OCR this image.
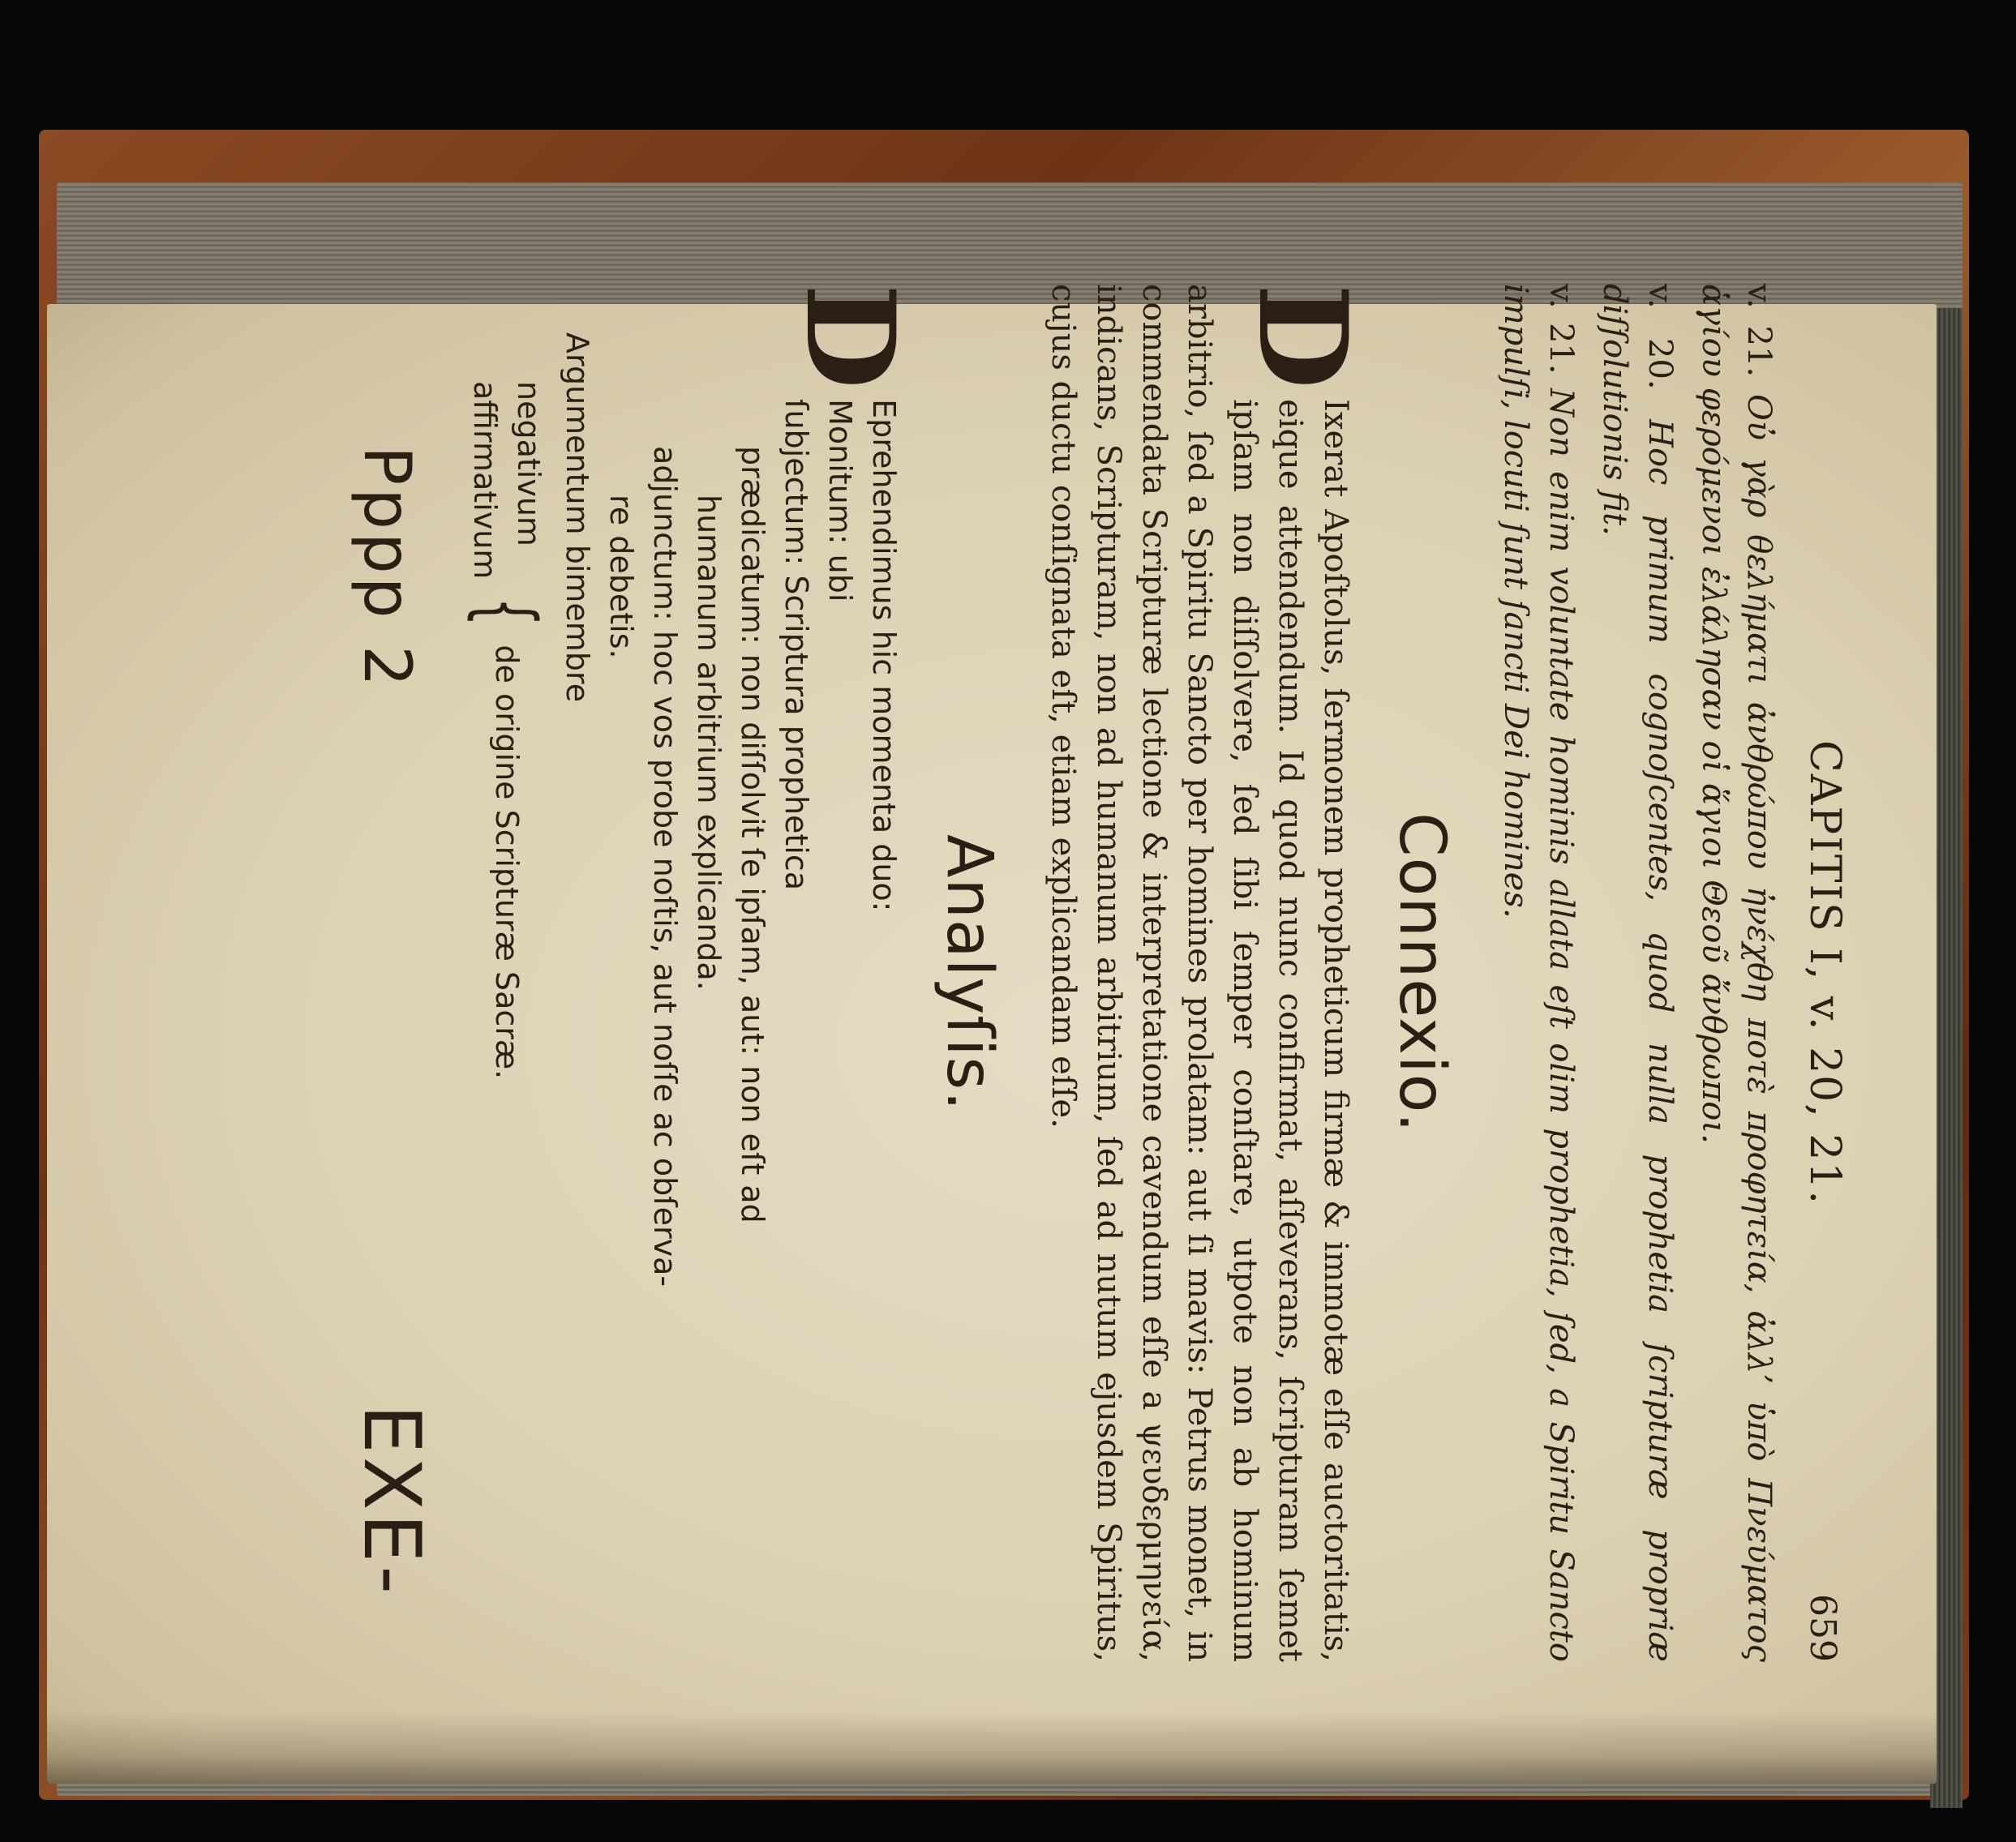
CAPITIS I, v. 20, 21.
659

v. 21. Οὐ γὰρ θελήματι ἀνθρώπου ἠνέχθη ποτὲ προφητεία, ἀλλ’ ὑπὸ Πνεύματος ἁγίου φερόμενοι ἐλάλησαν οἱ ἅγιοι Θεοῦ ἄνθρωποι.

v. 20. Hoc primum cognoſcentes, quod nulla prophetia ſcripturæ propriæ diſſolutionis fit.

v. 21. Non enim voluntate hominis allata eſt olim prophetia, ſed, a Spiritu Sancto impulſi, locuti ſunt ſancti Dei homines.

Connexio.

D
Ixerat Apoſtolus, ſermonem propheticum firmæ & immotæ eſſe auctoritatis, eique attendendum. Id quod nunc confirmat, aſſeverans, ſcripturam ſemet ipſam non diſſolvere, ſed ſibi ſemper conſtare, utpote non ab hominum arbitrio, ſed a Spiritu Sancto per homines prolatam: aut ſi mavis: Petrus monet, in commendata Scripturæ lectione & interpretatione cavendum eſſe a ψευδερμηνεία, indicans, Scripturam, non ad humanum arbitrium, ſed ad nutum ejusdem Spiritus, cujus ductu conſignata eſt, etiam explicandam eſſe.

Analyſis.
D
Eprehendimus hic momenta duo:
Monitum: ubi
ſubjectum: Scriptura prophetica
prædicatum: non diſſolvit ſe ipſam, aut: non eſt ad
humanum arbitrium explicanda.
adjunctum: hoc vos probe noſtis, aut noſſe ac obſerva-
re debetis.
Argumentum bimembre
negativum
affirmativum
{
de origine Scripturæ Sacræ.
Pppp 2
EXE-
